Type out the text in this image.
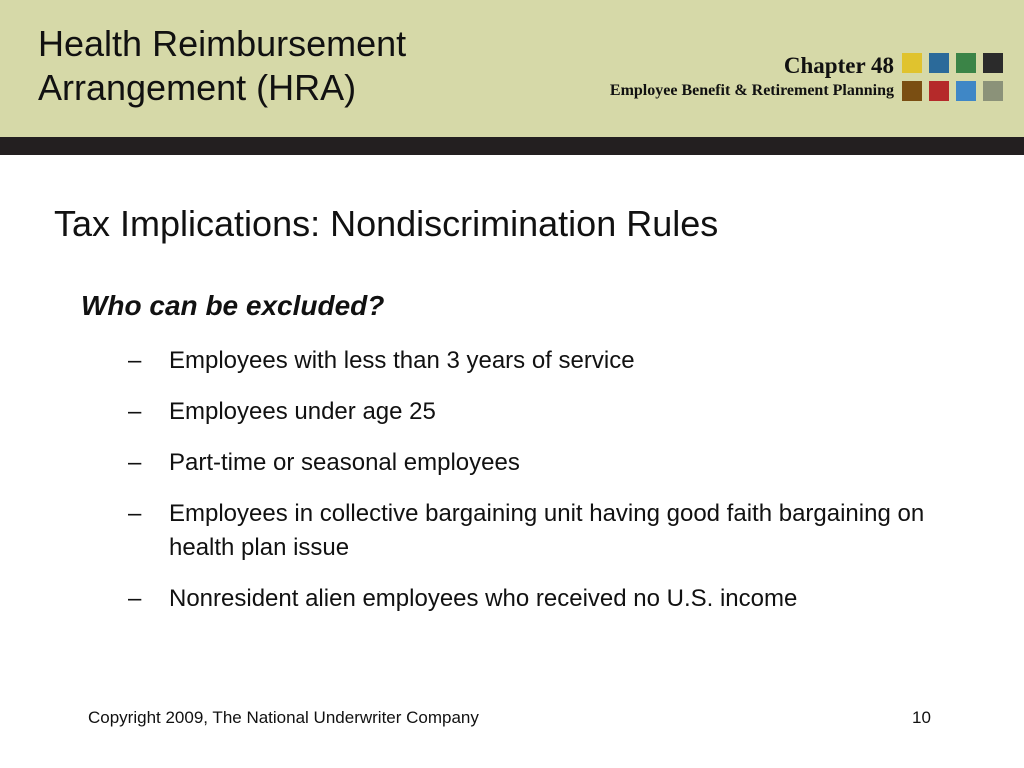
Health Reimbursement
Arrangement (HRA)
Chapter 48
Employee Benefit & Retirement Planning
Tax Implications: Nondiscrimination Rules
Who can be excluded?
– Employees with less than 3 years of service
– Employees under age 25
– Part-time or seasonal employees
– Employees in collective bargaining unit having good faith bargaining on health plan issue
– Nonresident alien employees who received no U.S. income
Copyright 2009, The National Underwriter Company	10
